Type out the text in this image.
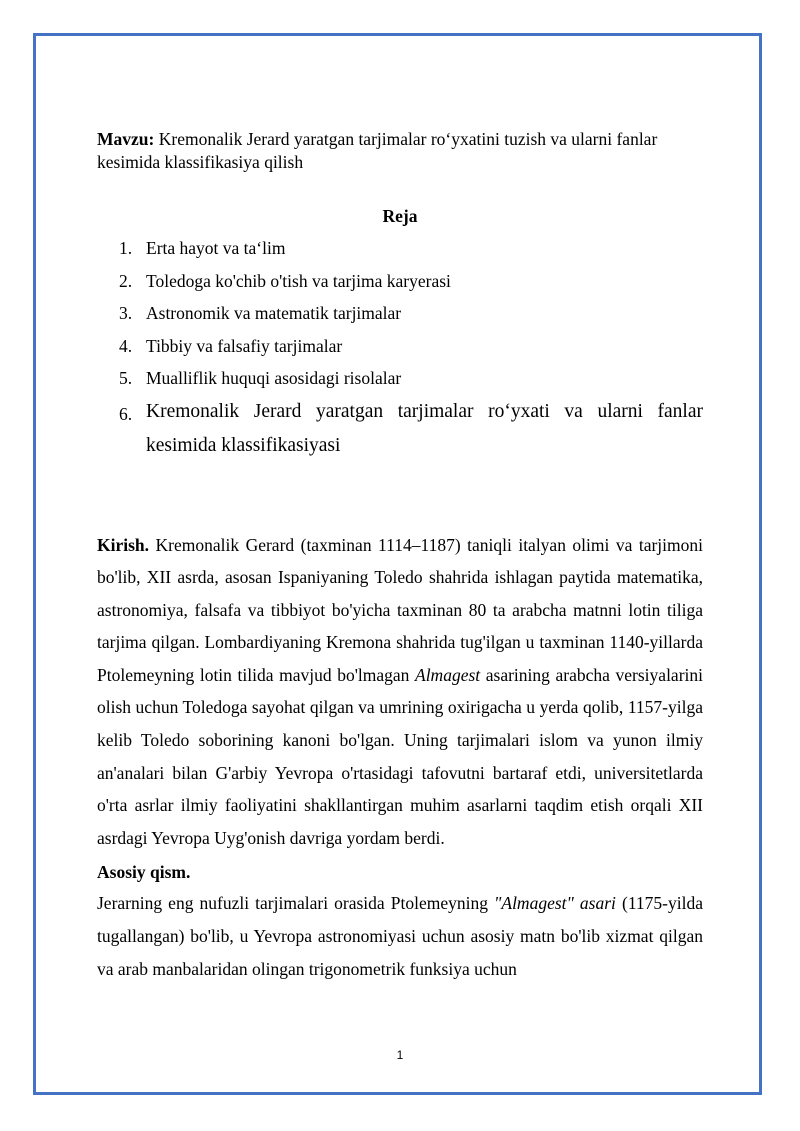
Mavzu: Kremonalik Jerard yaratgan tarjimalar ro‘yxatini tuzish va ularni fanlar kesimida klassifikasiya qilish

Reja
1. Erta hayot va ta‘lim
2. Toledoga ko'chib o'tish va tarjima karyerasi
3. Astronomik va matematik tarjimalar
4. Tibbiy va falsafiy tarjimalar
5. Mualliflik huquqi asosidagi risolalar
6. Kremonalik Jerard yaratgan tarjimalar ro‘yxati va ularni fanlar kesimida klassifikasiyasi

Kirish. Kremonalik Gerard (taxminan 1114–1187) taniqli italyan olimi va tarjimoni bo'lib, XII asrda, asosan Ispaniyaning Toledo shahrida ishlagan paytida matematika, astronomiya, falsafa va tibbiyot bo'yicha taxminan 80 ta arabcha matnni lotin tiliga tarjima qilgan. Lombardiyaning Kremona shahrida tug'ilgan u taxminan 1140-yillarda Ptolemeyning lotin tilida mavjud bo'lmagan Almagest asarining arabcha versiyalarini olish uchun Toledoga sayohat qilgan va umrining oxirigacha u yerda qolib, 1157-yilga kelib Toledo soborining kanoni bo'lgan. Uning tarjimalari islom va yunon ilmiy an'analari bilan G'arbiy Yevropa o'rtasidagi tafovutni bartaraf etdi, universitetlarda o'rta asrlar ilmiy faoliyatini shakllantirgan muhim asarlarni taqdim etish orqali XII asrdagi Yevropa Uyg'onish davriga yordam berdi.

Asosiy qism.

Jerarning eng nufuzli tarjimalari orasida Ptolemeyning "Almagest" asari (1175-yilda tugallangan) bo'lib, u Yevropa astronomiyasi uchun asosiy matn bo'lib xizmat qilgan va arab manbalaridan olingan trigonometrik funksiya uchun

1
